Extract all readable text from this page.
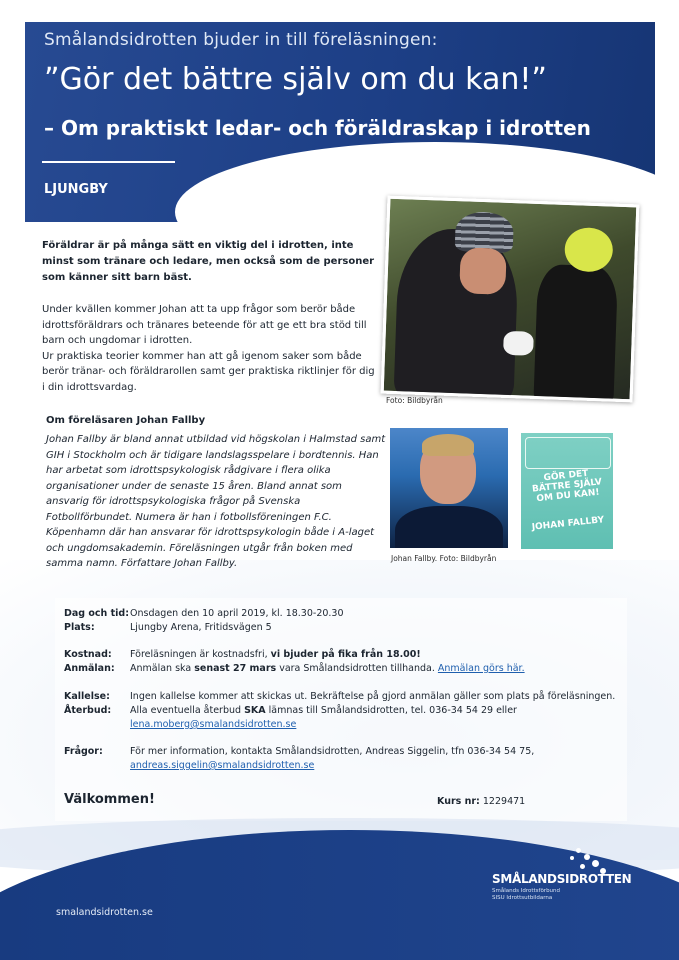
Smålandsidrotten bjuder in till föreläsningen:
”Gör det bättre själv om du kan!”
– Om praktiskt ledar- och föräldraskap i idrotten
LJUNGBY
Foto: Bildbyrån
Föräldrar är på många sätt en viktig del i idrotten, inte minst som tränare och ledare, men också som de personer som känner sitt barn bäst.
Under kvällen kommer Johan att ta upp frågor som berör både idrottsföräldrars och tränares beteende för att ge ett bra stöd till barn och ungdomar i idrotten.
Ur praktiska teorier kommer han att gå igenom saker som både berör tränar- och föräldrarollen samt ger praktiska riktlinjer för dig i din idrottsvardag.
Om föreläsaren Johan Fallby
Johan Fallby är bland annat utbildad vid högskolan i Halmstad samt GIH i Stockholm och är tidigare landslagsspelare i bordtennis. Han har arbetat som idrottspsykologisk rådgivare i flera olika organisationer under de senaste 15 åren. Bland annat som ansvarig för idrottspsykologiska frågor på Svenska Fotbollförbundet. Numera är han i fotbollsföreningen F.C. Köpenhamn där han ansvarar för idrottspsykologin både i A-laget och ungdomsakademin. Föreläsningen utgår från boken med samma namn. Författare Johan Fallby.	Johan Fallby. Foto: Bildbyrån
GÖR DET BÄTTRE SJÄLV OM DU KAN!
JOHAN FALLBY
Dag och tid: Onsdagen den 10 april 2019, kl. 18.30-20.30
Plats:	Ljungby Arena, Fritidsvägen 5
Kostnad: Föreläsningen är kostnadsfri, vi bjuder på fika från 18.00!
Anmälan: Anmälan ska senast 27 mars vara Smålandsidrotten tillhanda. Anmälan görs här.
Kallelse: Ingen kallelse kommer att skickas ut. Bekräftelse på gjord anmälan gäller som plats på föreläsningen.
Återbud: Alla eventuella återbud SKA lämnas till Smålandsidrotten, tel. 036-34 54 29 eller
lena.moberg@smalandsidrotten.se
Frågor:	För mer information, kontakta Smålandsidrotten, Andreas Siggelin, tfn 036-34 54 75,
andreas.siggelin@smalandsidrotten.se
Välkommen!	Kurs nr: 1229471
smalandsidrotten.se
SMÅLANDSIDROTTEN
Smålands Idrottsförbund
SISU Idrottsutbildarna
